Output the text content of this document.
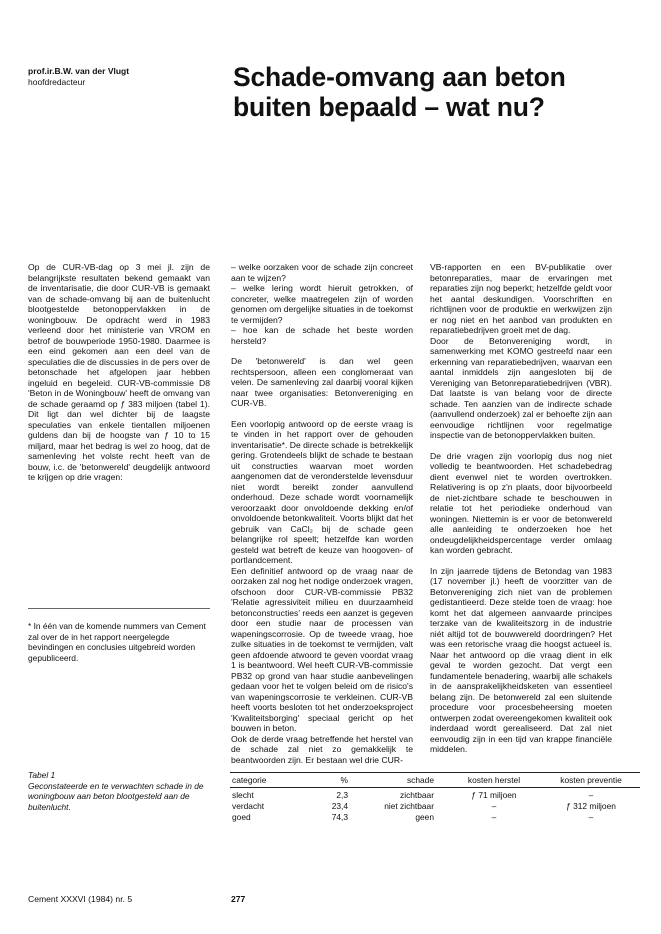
prof.ir.B.W. van der Vlugt
hoofdredacteur	Schade-omvang aan beton
buiten bepaald – wat nu?

Op de CUR-VB-dag op 3 mei jl. zijn de belangrijkste resultaten bekend gemaakt van de inventarisatie, die door CUR-VB is gemaakt van de schade-omvang bij aan de buitenlucht blootgestelde betonoppervlakken in de woningbouw. De opdracht werd in 1983 verleend door het ministerie van VROM en betrof de bouwperiode 1950-1980. Daarmee is een eind gekomen aan een deel van de speculaties die de discussies in de pers over de betonschade het afgelopen jaar hebben ingeluid en begeleid. CUR-VB-commissie D8 'Beton in de Woningbouw' heeft de omvang van de schade geraamd op ƒ 383 miljoen (tabel 1). Dit ligt dan wel dichter bij de laagste speculaties van enkele tientallen miljoenen guldens dan bij de hoogste van ƒ 10 to 15 miljard, maar het bedrag is wel zo hoog, dat de samenleving het volste recht heeft van de bouw, i.c. de 'betonwereld' deugdelijk antwoord te krijgen op drie vragen:

– welke oorzaken voor de schade zijn concreet aan te wijzen?
– welke lering wordt hieruit getrokken, of concreter, welke maatregelen zijn of worden genomen om dergelijke situaties in de toekomst te vermijden?
– hoe kan de schade het beste worden hersteld?

De 'betonwereld' is dan wel geen rechtspersoon, alleen een conglomeraat van velen. De samenleving zal daarbij vooral kijken naar twee organisaties: Betonvereniging en CUR-VB.

Een voorlopig antwoord op de eerste vraag is te vinden in het rapport over de gehouden inventarisatie*. De directe schade is betrekkelijk gering. Grotendeels blijkt de schade te bestaan uit constructies waarvan moet worden aangenomen dat de veronderstelde levensduur niet wordt bereikt zonder aanvullend onderhoud. Deze schade wordt voornamelijk veroorzaakt door onvoldoende dekking en/of onvoldoende betonkwaliteit. Voorts blijkt dat het gebruik van CaCl₂ bij de schade geen belangrijke rol speelt; hetzelfde kan worden gesteld wat betreft de keuze van hoogoven- of portlandcement.
Een definitief antwoord op de vraag naar de oorzaken zal nog het nodige onderzoek vragen, ofschoon door CUR-VB-commissie PB32 'Relatie agressiviteit milieu en duurzaamheid betonconstructies' reeds een aanzet is gegeven door een studie naar de processen van wapeningscorrosie. Op de tweede vraag, hoe zulke situaties in de toekomst te vermijden, valt geen afdoende atwoord te geven voordat vraag 1 is beantwoord. Wel heeft CUR-VB-commissie PB32 op grond van haar studie aanbevelingen gedaan voor het te volgen beleid om de risico's van wapeningscorrosie te verkleinen. CUR-VB heeft voorts besloten tot het onderzoeksproject 'Kwaliteitsborging' speciaal gericht op het bouwen in beton.
Ook de derde vraag betreffende het herstel van de schade zal niet zo gemakkelijk te beantwoorden zijn. Er bestaan wel drie CUR-

VB-rapporten en een BV-publikatie over betonreparaties, maar de ervaringen met reparaties zijn nog beperkt; hetzelfde geldt voor het aantal deskundigen. Voorschriften en richtlijnen voor de produktie en werkwijzen zijn er nog niet en het aanbod van produkten en reparatiebedrijven groeit met de dag.
Door de Betonvereniging wordt, in samenwerking met KOMO gestreefd naar een erkenning van reparatiebedrijven, waarvan een aantal inmiddels zijn aangesloten bij de Vereniging van Betonreparatiebedrijven (VBR). Dat laatste is van belang voor de directe schade. Ten aanzien van de indirecte schade (aanvullend onderzoek) zal er behoefte zijn aan eenvoudige richtlijnen voor regelmatige inspectie van de betonoppervlakken buiten.

De drie vragen zijn voorlopig dus nog niet volledig te beantwoorden. Het schadebedrag dient evenwel niet te worden overtrokken. Relativering is op z'n plaats, door bijvoorbeeld de niet-zichtbare schade te beschouwen in relatie tot het periodieke onderhoud van woningen. Niettemin is er voor de betonwereld alle aanleiding te onderzoeken hoe het ondeugdelijkheidspercentage verder omlaag kan worden gebracht.

In zijn jaarrede tijdens de Betondag van 1983 (17 november jl.) heeft de voorzitter van de Betonvereniging zich niet van de problemen gedistantieerd. Deze stelde toen de vraag: hoe komt het dat algemeen aanvaarde principes terzake van de kwaliteitszorg in de industrie niét altijd tot de bouwwereld doordringen? Het was een retorische vraag die hoogst actueel is. Naar het antwoord op die vraag dient in elk geval te worden gezocht. Dat vergt een fundamentele benadering, waarbij alle schakels in de aansprakelijkheidsketen van essentieel belang zijn. De betonwereld zal een sluitende procedure voor procesbeheersing moeten ontwerpen zodat overeengekomen kwaliteit ook inderdaad wordt gerealiseerd. Dat zal niet eenvoudig zijn in een tijd van krappe financiële middelen.

* In één van de komende nummers van Cement zal over de in het rapport neergelegde bevindingen en conclusies uitgebreid worden gepubliceerd.
Tabel 1
Geconstateerde en te verwachten schade in de woningbouw aan beton blootgesteld aan de buitenlucht.
categorie	%	schade	kosten herstel	kosten preventie
slecht	2,3	zichtbaar	ƒ 71 miljoen	–
verdacht	23,4	niet zichtbaar	–	ƒ 312 miljoen
goed	74,3	geen	–	–
Cement XXXVI (1984) nr. 5	277
